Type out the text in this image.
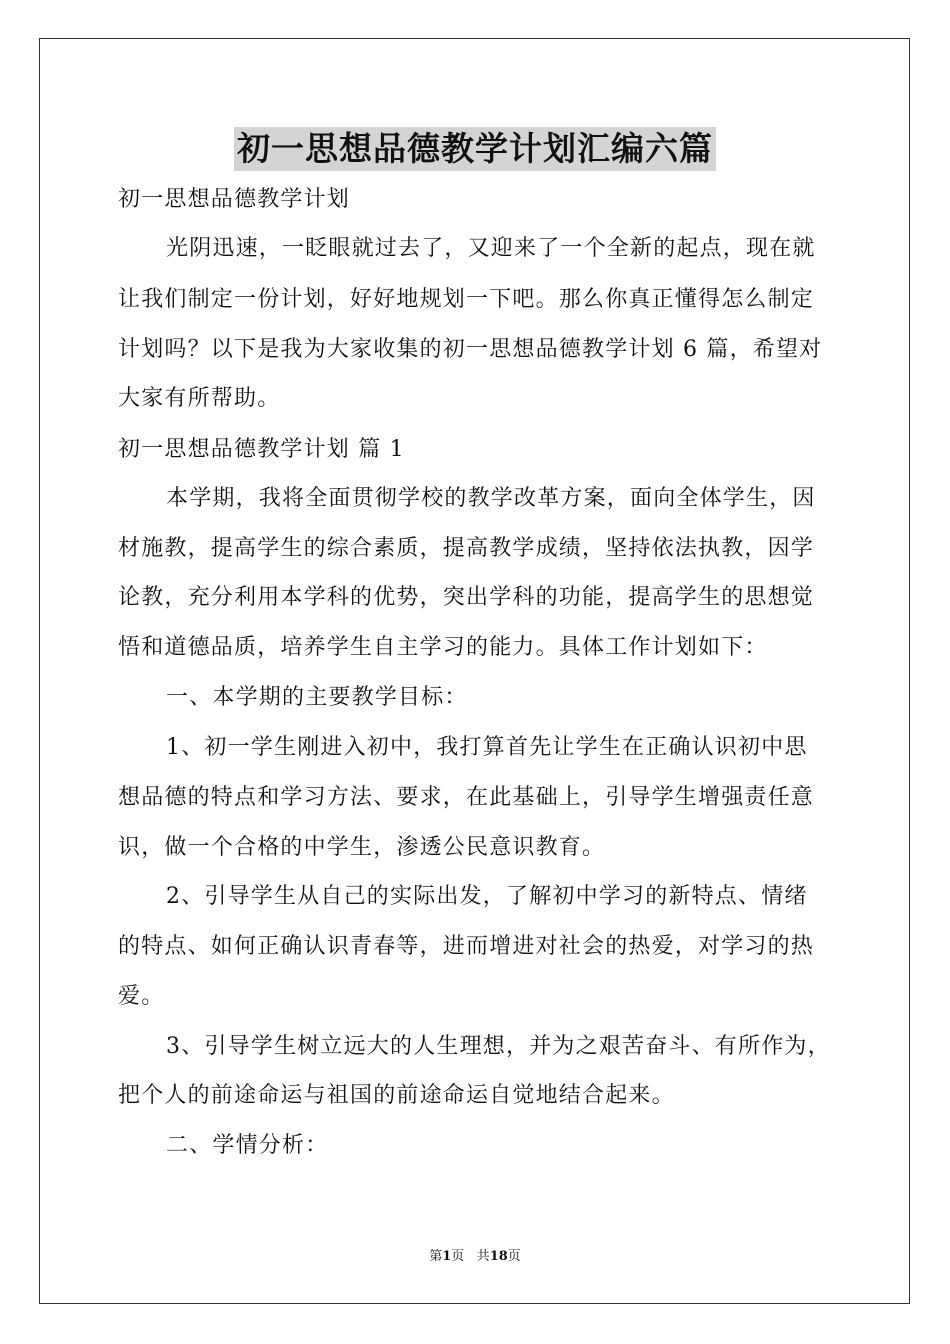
初一思想品德教学计划汇编六篇
初一思想品德教学计划
光阴迅速，一眨眼就过去了，又迎来了一个全新的起点，现在就
让我们制定一份计划，好好地规划一下吧。那么你真正懂得怎么制定
计划吗？以下是我为大家收集的初一思想品德教学计划 6 篇，希望对
大家有所帮助。
初一思想品德教学计划 篇 1
本学期，我将全面贯彻学校的教学改革方案，面向全体学生，因
材施教，提高学生的综合素质，提高教学成绩，坚持依法执教，因学
论教，充分利用本学科的优势，突出学科的功能，提高学生的思想觉
悟和道德品质，培养学生自主学习的能力。具体工作计划如下：
一、本学期的主要教学目标：
1、初一学生刚进入初中，我打算首先让学生在正确认识初中思
想品德的特点和学习方法、要求，在此基础上，引导学生增强责任意
识，做一个合格的中学生，渗透公民意识教育。
2、引导学生从自己的实际出发，了解初中学习的新特点、情绪
的特点、如何正确认识青春等，进而增进对社会的热爱，对学习的热
爱。
3、引导学生树立远大的人生理想，并为之艰苦奋斗、有所作为，
把个人的前途命运与祖国的前途命运自觉地结合起来。
二、学情分析：
第1页 共18页
